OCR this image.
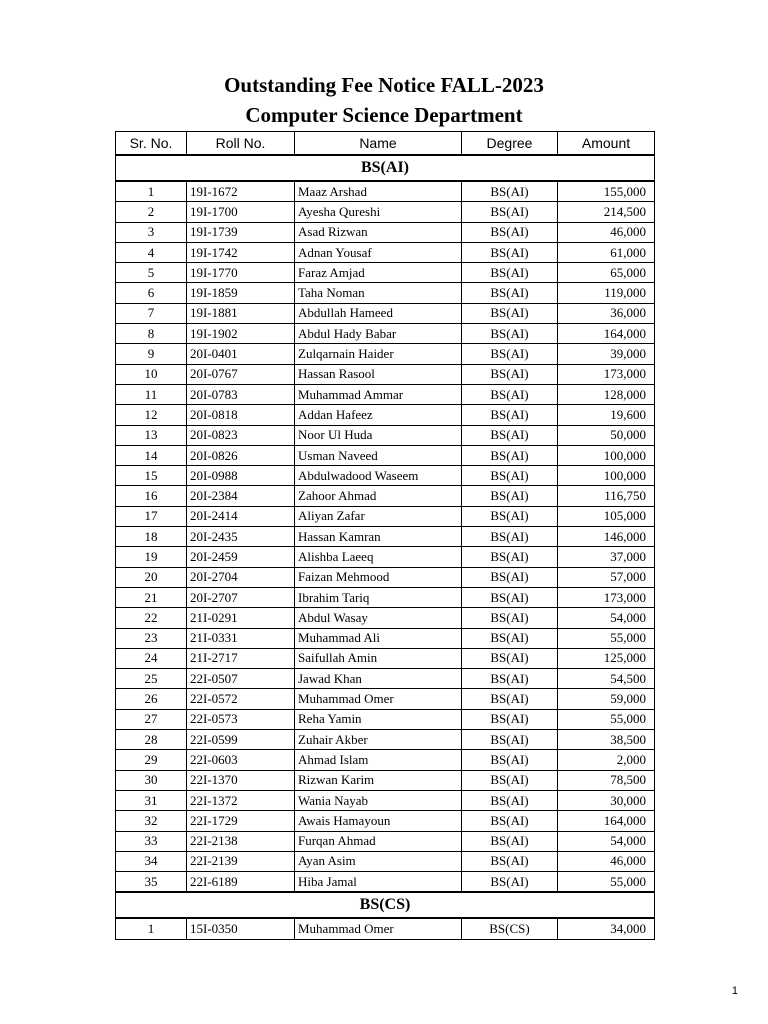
Outstanding Fee Notice FALL-2023
Computer Science Department
Sr. No.	Roll No.	Name	Degree	Amount
BS(AI)				
1	19I-1672	Maaz Arshad	BS(AI)	155,000
2	19I-1700	Ayesha Qureshi	BS(AI)	214,500
3	19I-1739	Asad Rizwan	BS(AI)	46,000
4	19I-1742	Adnan Yousaf	BS(AI)	61,000
5	19I-1770	Faraz Amjad	BS(AI)	65,000
6	19I-1859	Taha Noman	BS(AI)	119,000
7	19I-1881	Abdullah Hameed	BS(AI)	36,000
8	19I-1902	Abdul Hady Babar	BS(AI)	164,000
9	20I-0401	Zulqarnain Haider	BS(AI)	39,000
10	20I-0767	Hassan Rasool	BS(AI)	173,000
11	20I-0783	Muhammad Ammar	BS(AI)	128,000
12	20I-0818	Addan Hafeez	BS(AI)	19,600
13	20I-0823	Noor Ul Huda	BS(AI)	50,000
14	20I-0826	Usman Naveed	BS(AI)	100,000
15	20I-0988	Abdulwadood Waseem	BS(AI)	100,000
16	20I-2384	Zahoor Ahmad	BS(AI)	116,750
17	20I-2414	Aliyan Zafar	BS(AI)	105,000
18	20I-2435	Hassan Kamran	BS(AI)	146,000
19	20I-2459	Alishba Laeeq	BS(AI)	37,000
20	20I-2704	Faizan Mehmood	BS(AI)	57,000
21	20I-2707	Ibrahim Tariq	BS(AI)	173,000
22	21I-0291	Abdul Wasay	BS(AI)	54,000
23	21I-0331	Muhammad Ali	BS(AI)	55,000
24	21I-2717	Saifullah Amin	BS(AI)	125,000
25	22I-0507	Jawad Khan	BS(AI)	54,500
26	22I-0572	Muhammad Omer	BS(AI)	59,000
27	22I-0573	Reha Yamin	BS(AI)	55,000
28	22I-0599	Zuhair Akber	BS(AI)	38,500
29	22I-0603	Ahmad Islam	BS(AI)	2,000
30	22I-1370	Rizwan Karim	BS(AI)	78,500
31	22I-1372	Wania Nayab	BS(AI)	30,000
32	22I-1729	Awais Hamayoun	BS(AI)	164,000
33	22I-2138	Furqan Ahmad	BS(AI)	54,000
34	22I-2139	Ayan Asim	BS(AI)	46,000
35	22I-6189	Hiba Jamal	BS(AI)	55,000
BS(CS)				
1	15I-0350	Muhammad Omer	BS(CS)	34,000
1
